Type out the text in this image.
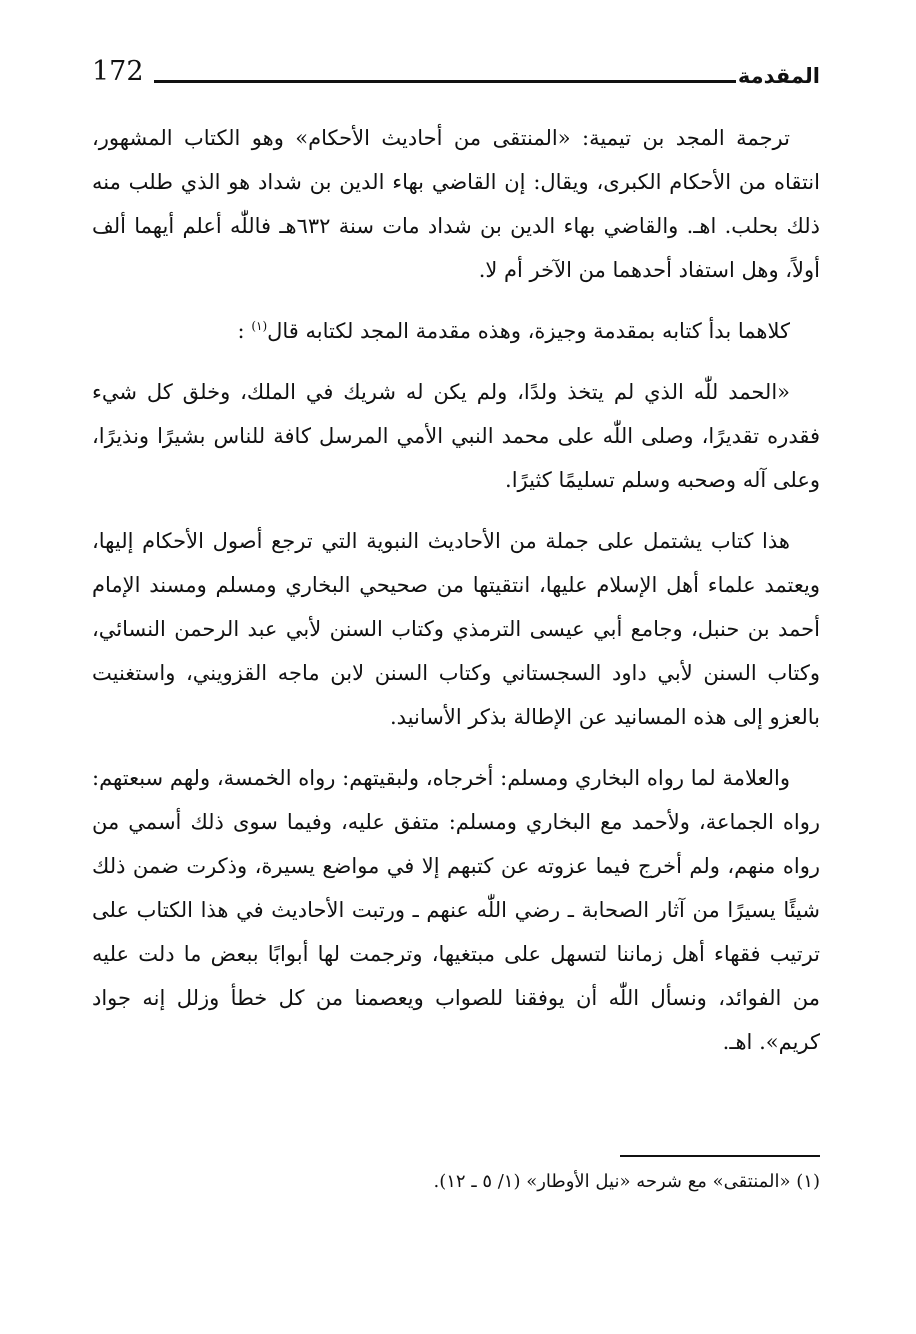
172	المقدمة

ترجمة المجد بن تيمية: «المنتقى من أحاديث الأحكام» وهو الكتاب المشهور، انتقاه من الأحكام الكبرى، ويقال: إن القاضي بهاء الدين بن شداد هو الذي طلب منه ذلك بحلب. اهـ. والقاضي بهاء الدين بن شداد مات سنة ٦٣٢هـ فاللّٰه أعلم أيهما ألف أولاً، وهل استفاد أحدهما من الآخر أم لا.

كلاهما بدأ كتابه بمقدمة وجيزة، وهذه مقدمة المجد لكتابه قال$^{(١)}$ :

«الحمد للّٰه الذي لم يتخذ ولدًا، ولم يكن له شريك في الملك، وخلق كل شيء فقدره تقديرًا، وصلى اللّٰه على محمد النبي الأمي المرسل كافة للناس بشيرًا ونذيرًا، وعلى آله وصحبه وسلم تسليمًا كثيرًا.

هذا كتاب يشتمل على جملة من الأحاديث النبوية التي ترجع أصول الأحكام إليها، ويعتمد علماء أهل الإسلام عليها، انتقيتها من صحيحي البخاري ومسلم ومسند الإمام أحمد بن حنبل، وجامع أبي عيسى الترمذي وكتاب السنن لأبي عبد الرحمن النسائي، وكتاب السنن لأبي داود السجستاني وكتاب السنن لابن ماجه القزويني، واستغنيت بالعزو إلى هذه المسانيد عن الإطالة بذكر الأسانيد.

والعلامة لما رواه البخاري ومسلم: أخرجاه، ولبقيتهم: رواه الخمسة، ولهم سبعتهم: رواه الجماعة، ولأحمد مع البخاري ومسلم: متفق عليه، وفيما سوى ذلك أسمي من رواه منهم، ولم أخرج فيما عزوته عن كتبهم إلا في مواضع يسيرة، وذكرت ضمن ذلك شيئًا يسيرًا من آثار الصحابة ـ رضي اللّٰه عنهم ـ ورتبت الأحاديث في هذا الكتاب على ترتيب فقهاء أهل زماننا لتسهل على مبتغيها، وترجمت لها أبوابًا ببعض ما دلت عليه من الفوائد، ونسأل اللّٰه أن يوفقنا للصواب ويعصمنا من كل خطأ وزلل إنه جواد كريم». اهـ.

(١) «المنتقى» مع شرحه «نيل الأوطار» (١/ ٥ ـ ١٢).
